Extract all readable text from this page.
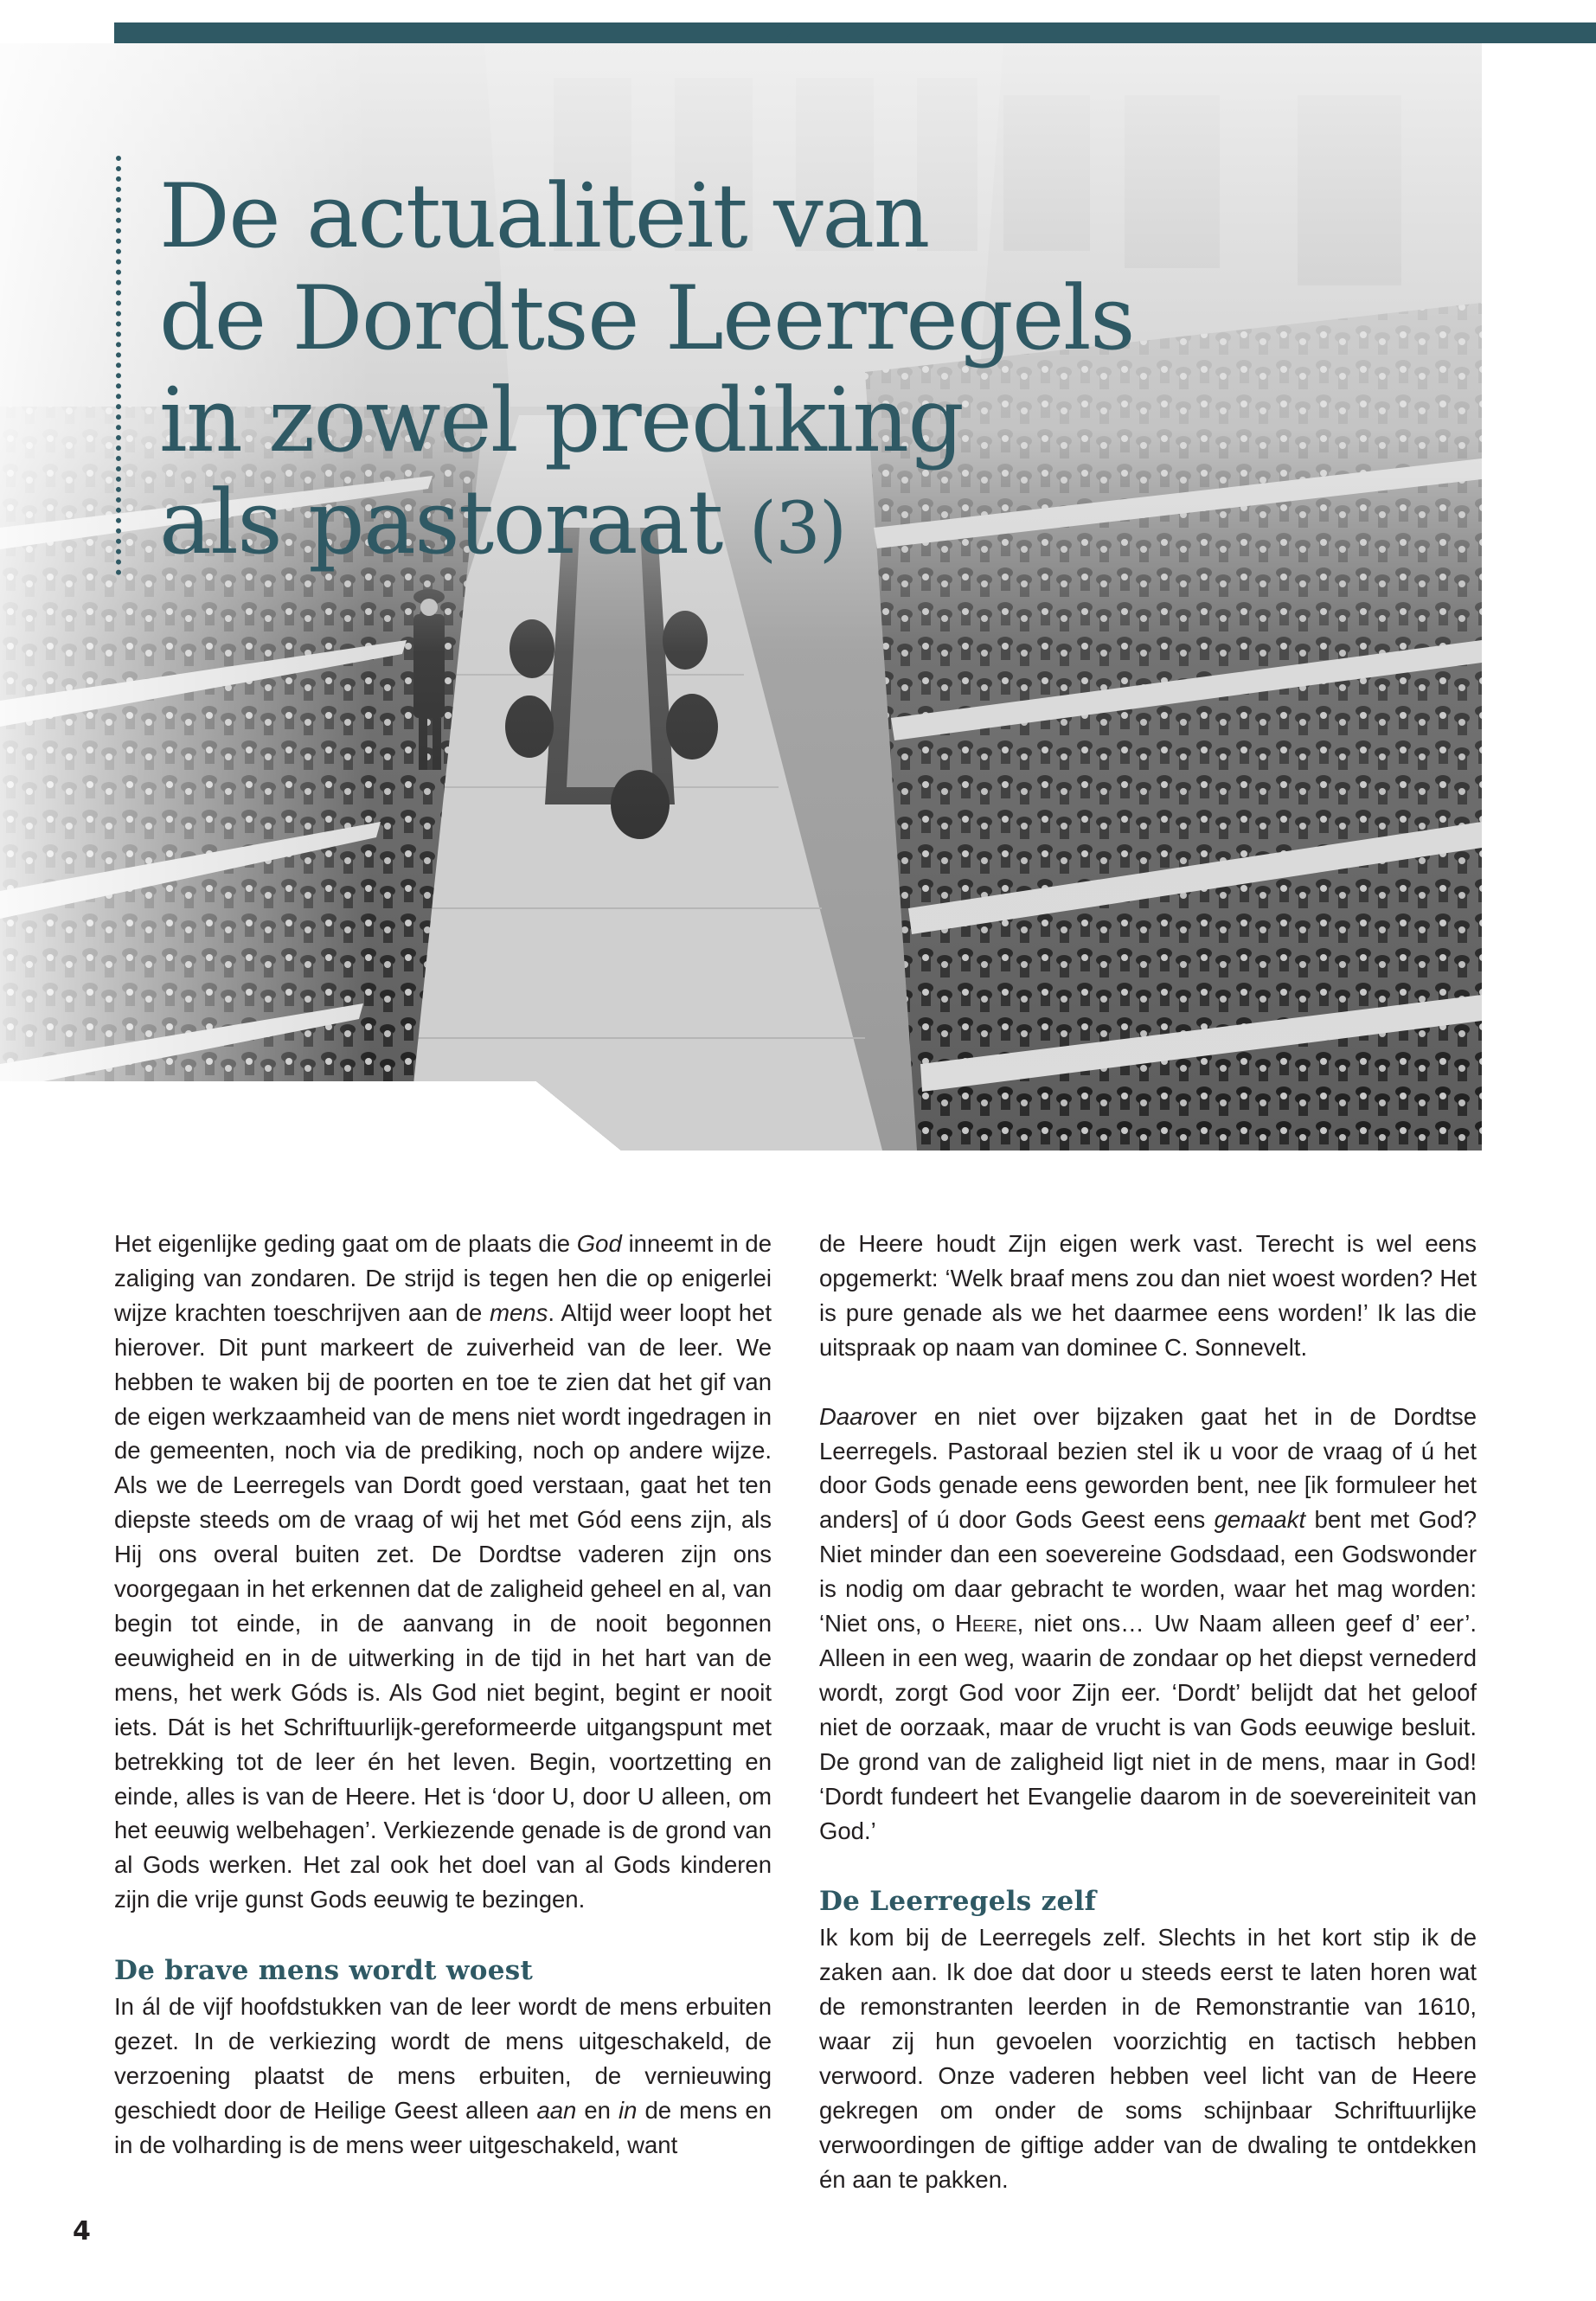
De actualiteit van
de Dordtse Leerregels
in zowel prediking
als pastoraat (3)

Het eigenlijke geding gaat om de plaats die God inneemt in de zaliging van zondaren. De strijd is tegen hen die op enigerlei wijze krachten toeschrijven aan de mens. Altijd weer loopt het hierover. Dit punt markeert de zuiverheid van de leer. We hebben te waken bij de poorten en toe te zien dat het gif van de eigen werkzaamheid van de mens niet wordt ingedragen in de gemeenten, noch via de prediking, noch op andere wijze. Als we de Leerregels van Dordt goed verstaan, gaat het ten diepste steeds om de vraag of wij het met Gód eens zijn, als Hij ons overal buiten zet. De Dordtse vaderen zijn ons voorgegaan in het erkennen dat de zaligheid geheel en al, van begin tot einde, in de aanvang in de nooit begonnen eeuwigheid en in de uitwerking in de tijd in het hart van de mens, het werk Góds is. Als God niet begint, begint er nooit iets. Dát is het Schriftuurlijk-gereformeerde uitgangspunt met betrekking tot de leer én het leven. Begin, voortzetting en einde, alles is van de Heere. Het is ‘door U, door U alleen, om het eeuwig welbehagen’. Verkiezende genade is de grond van al Gods werken. Het zal ook het doel van al Gods kinderen zijn die vrije gunst Gods eeuwig te bezingen.

De brave mens wordt woest

In ál de vijf hoofdstukken van de leer wordt de mens erbuiten gezet. In de verkiezing wordt de mens uitgeschakeld, de verzoening plaatst de mens erbuiten, de vernieuwing geschiedt door de Heilige Geest alleen aan en in de mens en in de volharding is de mens weer uitgeschakeld, want

de Heere houdt Zijn eigen werk vast. Terecht is wel eens opgemerkt: ‘Welk braaf mens zou dan niet woest worden? Het is pure genade als we het daarmee eens worden!’ Ik las die uitspraak op naam van dominee C. Sonnevelt.

Daarover en niet over bijzaken gaat het in de Dordtse Leerregels. Pastoraal bezien stel ik u voor de vraag of ú het door Gods genade eens geworden bent, nee [ik formuleer het anders] of ú door Gods Geest eens gemaakt bent met God? Niet minder dan een soevereine Godsdaad, een Godswonder is nodig om daar gebracht te worden, waar het mag worden: ‘Niet ons, o Heere, niet ons… Uw Naam alleen geef d’ eer’. Alleen in een weg, waarin de zondaar op het diepst vernederd wordt, zorgt God voor Zijn eer. ‘Dordt’ belijdt dat het geloof niet de oorzaak, maar de vrucht is van Gods eeuwige besluit. De grond van de zaligheid ligt niet in de mens, maar in God! ‘Dordt fundeert het Evangelie daarom in de soevereiniteit van God.’

De Leerregels zelf

Ik kom bij de Leerregels zelf. Slechts in het kort stip ik de zaken aan. Ik doe dat door u steeds eerst te laten horen wat de remonstranten leerden in de Remonstrantie van 1610, waar zij hun gevoelen voorzichtig en tactisch hebben verwoord. Onze vaderen hebben veel licht van de Heere gekregen om onder de soms schijnbaar Schriftuurlijke verwoordingen de giftige adder van de dwaling te ontdekken én aan te pakken.

4
